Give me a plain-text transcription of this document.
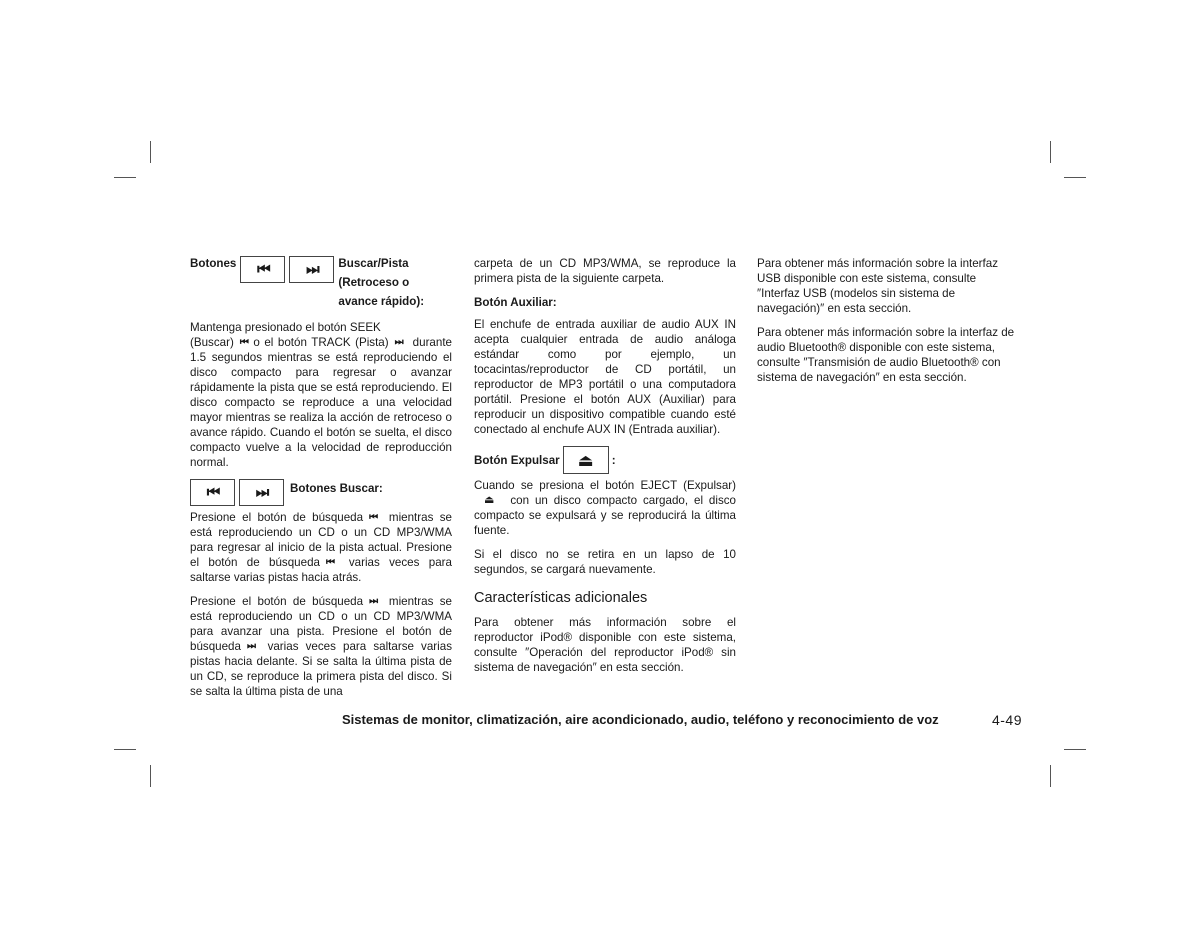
Botones ⏮ ⏭ Buscar/Pista
(Retroceso o
avance rápido):

Mantenga presionado el botón SEEK
(Buscar) ⏮ o el botón TRACK (Pista) ⏭ durante 1.5 segundos mientras se está reproduciendo el disco compacto para regresar o avanzar rápidamente la pista que se está reproduciendo. El disco compacto se reproduce a una velocidad mayor mientras se realiza la acción de retroceso o avance rápido. Cuando el botón se suelta, el disco compacto vuelve a la velocidad de reproducción normal.

⏮ ⏭ Botones Buscar:

Presione el botón de búsqueda ⏮ mientras se está reproduciendo un CD o un CD MP3/WMA para regresar al inicio de la pista actual. Presione el botón de búsqueda ⏮ varias veces para saltarse varias pistas hacia atrás.

Presione el botón de búsqueda ⏭ mientras se está reproduciendo un CD o un CD MP3/WMA para avanzar una pista. Presione el botón de búsqueda ⏭ varias veces para saltarse varias pistas hacia delante. Si se salta la última pista de un CD, se reproduce la primera pista del disco. Si se salta la última pista de una

carpeta de un CD MP3/WMA, se reproduce la primera pista de la siguiente carpeta.

Botón Auxiliar:

El enchufe de entrada auxiliar de audio AUX IN acepta cualquier entrada de audio análoga estándar como por ejemplo, un tocacintas/reproductor de CD portátil, un reproductor de MP3 portátil o una computadora portátil. Presione el botón AUX (Auxiliar) para reproducir un dispositivo compatible cuando esté conectado al enchufe AUX IN (Entrada auxiliar).

Botón Expulsar ⏏ :

Cuando se presiona el botón EJECT (Expulsar)⏏ con un disco compacto cargado, el disco compacto se expulsará y se reproducirá la última fuente.

Si el disco no se retira en un lapso de 10 segundos, se cargará nuevamente.

Características adicionales

Para obtener más información sobre el reproductor iPod® disponible con este sistema, consulte ″Operación del reproductor iPod® sin sistema de navegación″ en esta sección.

Para obtener más información sobre la interfaz USB disponible con este sistema, consulte ″Interfaz USB (modelos sin sistema de navegación)″ en esta sección.

Para obtener más información sobre la interfaz de audio Bluetooth® disponible con este sistema, consulte ″Transmisión de audio Bluetooth® con sistema de navegación″ en esta sección.

Sistemas de monitor, climatización, aire acondicionado, audio, teléfono y reconocimiento de voz	4-49
